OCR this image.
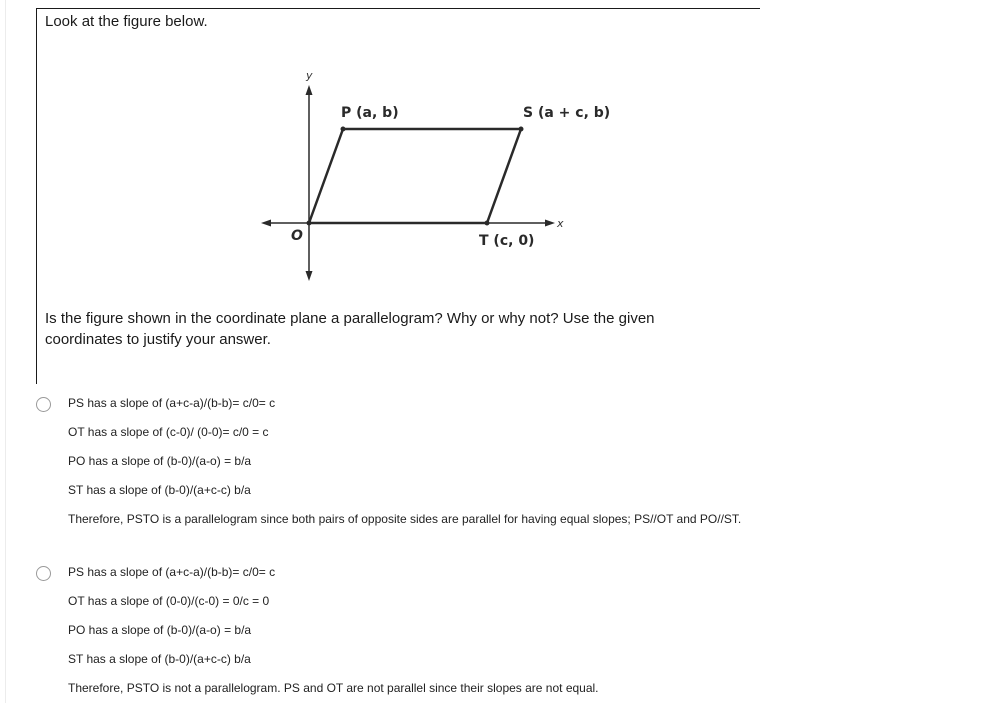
Look at the figure below.

y
x
O
P (a, b)	S (a + c, b)
T (c, 0)

Is the figure shown in the coordinate plane a parallelogram? Why or why not? Use the given coordinates to justify your answer.

PS has a slope of (a+c-a)/(b-b)= c/0= c

OT has a slope of (c-0)/ (0-0)= c/0 = c

PO has a slope of (b-0)/(a-o) = b/a

ST has a slope of (b-0)/(a+c-c) b/a

Therefore, PSTO is a parallelogram since both pairs of opposite sides are parallel for having equal slopes; PS//OT and PO//ST.

PS has a slope of (a+c-a)/(b-b)= c/0= c

OT has a slope of (0-0)/(c-0) = 0/c = 0

PO has a slope of (b-0)/(a-o) = b/a

ST has a slope of (b-0)/(a+c-c) b/a

Therefore, PSTO is not a parallelogram. PS and OT are not parallel since their slopes are not equal.
